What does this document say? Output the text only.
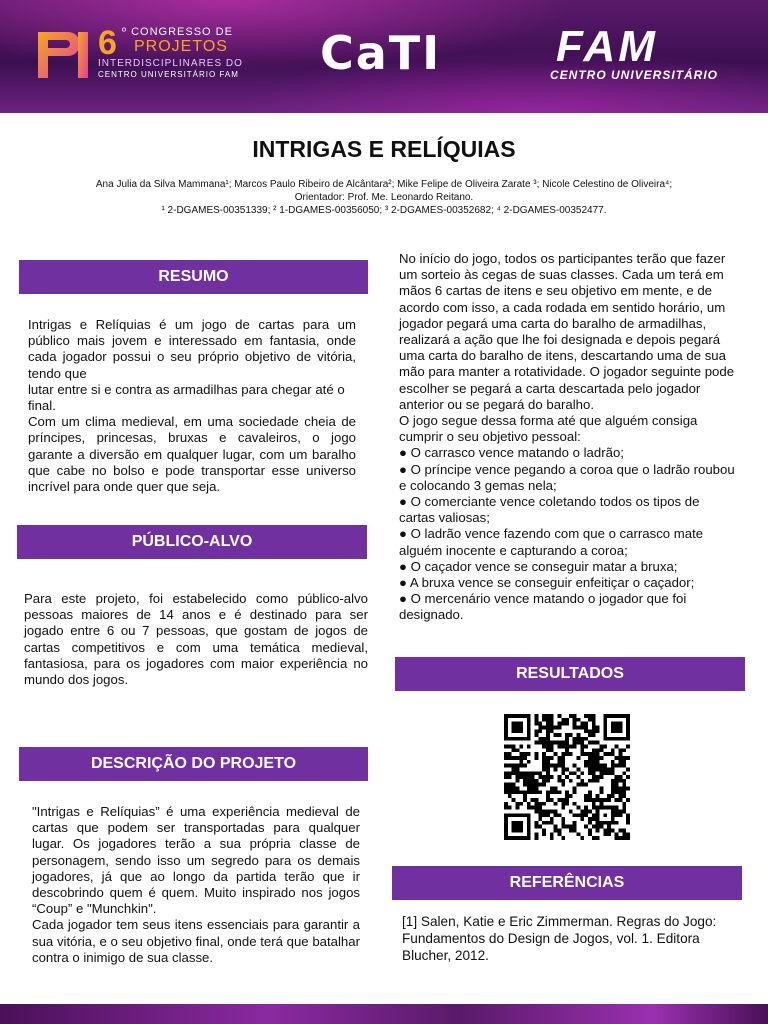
6 º CONGRESSO DE
PROJETOS
INTERDISCIPLINARES DO
CENTRO UNIVERSITÁRIO FAM CaTI	FAM
CENTRO UNIVERSITÁRIO
INTRIGAS E RELÍQUIAS
Ana Julia da Silva Mammana¹; Marcos Paulo Ribeiro de Alcântara²; Mike Felipe de Oliveira Zarate ³; Nicole Celestino de Oliveira⁴;
Orientador: Prof. Me. Leonardo Reitano.
¹ 2-DGAMES-00351339; ² 1-DGAMES-00356050; ³ 2-DGAMES-00352682; ⁴ 2-DGAMES-00352477.
RESUMO
Intrigas e Relíquias é um jogo de cartas para um público mais jovem e interessado em fantasia, onde cada jogador possui o seu próprio objetivo de vitória, tendo que
lutar entre si e contra as armadilhas para chegar até o final.
Com um clima medieval, em uma sociedade cheia de príncipes, princesas, bruxas e cavaleiros, o jogo garante a diversão em qualquer lugar, com um baralho que cabe no bolso e pode transportar esse universo incrível para onde quer que seja.
PÚBLICO-ALVO
Para este projeto, foi estabelecido como público-alvo pessoas maiores de 14 anos e é destinado para ser jogado entre 6 ou 7 pessoas, que gostam de jogos de cartas competitivos e com uma temática medieval, fantasiosa, para os jogadores com maior experiência no mundo dos jogos.
DESCRIÇÃO DO PROJETO
"Intrigas e Relíquias” é uma experiência medieval de cartas que podem ser transportadas para qualquer lugar. Os jogadores terão a sua própria classe de personagem, sendo isso um segredo para os demais jogadores, já que ao longo da partida terão que ir descobrindo quem é quem. Muito inspirado nos jogos “Coup” e "Munchkin".
Cada jogador tem seus itens essenciais para garantir a sua vitória, e o seu objetivo final, onde terá que batalhar contra o inimigo de sua classe.
No início do jogo, todos os participantes terão que fazer um sorteio às cegas de suas classes. Cada um terá em mãos 6 cartas de itens e seu objetivo em mente, e de acordo com isso, a cada rodada em sentido horário, um jogador pegará uma carta do baralho de armadilhas, realizará a ação que lhe foi designada e depois pegará uma carta do baralho de itens, descartando uma de sua mão para manter a rotatividade. O jogador seguinte pode escolher se pegará a carta descartada pelo jogador anterior ou se pegará do baralho.
O jogo segue dessa forma até que alguém consiga cumprir o seu objetivo pessoal:
● O carrasco vence matando o ladrão;
● O príncipe vence pegando a coroa que o ladrão roubou e colocando 3 gemas nela;
● O comerciante vence coletando todos os tipos de cartas valiosas;
● O ladrão vence fazendo com que o carrasco mate alguém inocente e capturando a coroa;
● O caçador vence se conseguir matar a bruxa;
● A bruxa vence se conseguir enfeitiçar o caçador;
● O mercenário vence matando o jogador que foi designado.
RESULTADOS
REFERÊNCIAS
[1] Salen, Katie e Eric Zimmerman. Regras do Jogo: Fundamentos do Design de Jogos, vol. 1. Editora
Blucher, 2012.
